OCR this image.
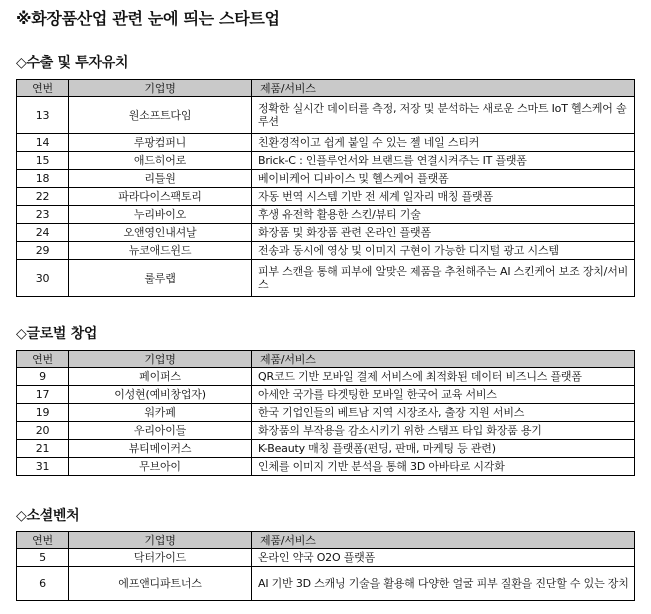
※화장품산업 관련 눈에 띄는 스타트업
◇수출 및 투자유치
연번	기업명	제품/서비스
13	원소프트다임	정확한 실시간 데이터를 측정, 저장 및 분석하는 새로운 스마트 IoT 헬스케어 솔루션
14	루팡컴퍼니	친환경적이고 쉽게 붙일 수 있는 젤 네일 스티커
15	애드히어로	Brick-C : 인플루언서와 브랜드를 연결시켜주는 IT 플랫폼
18	리틀원	베이비케어 디바이스 및 헬스케어 플랫폼
22	파라다이스팩토리	자동 번역 시스템 기반 전 세계 일자리 매칭 플랫폼
23	누리바이오	후생 유전학 활용한 스킨/뷰티 기술
24	오앤영인내셔날	화장품 및 화장품 관련 온라인 플랫폼
29	뉴코애드윈드	전송과 동시에 영상 및 이미지 구현이 가능한 디지털 광고 시스템
30	룰루랩	피부 스캔을 통해 피부에 알맞은 제품을 추천해주는 AI 스킨케어 보조 장치/서비스
◇글로벌 창업
연번	기업명	제품/서비스
9	페이퍼스	QR코드 기반 모바일 결제 서비스에 최적화된 데이터 비즈니스 플랫폼
17	이성현(예비창업자)	아세안 국가를 타겟팅한 모바일 한국어 교육 서비스
19	워카페	한국 기업인들의 베트남 지역 시장조사, 출장 지원 서비스
20	우리아이들	화장품의 부작용을 감소시키기 위한 스탬프 타입 화장품 용기
21	뷰티메이커스	K-Beauty 매칭 플랫폼(펀딩, 판매, 마케팅 등 관련)
31	무브아이	인체를 이미지 기반 분석을 통해 3D 아바타로 시각화
◇소셜벤처
연번	기업명	제품/서비스
5	닥터가이드	온라인 약국 O2O 플랫폼
6	에프앤디파트너스	AI 기반 3D 스캐닝 기술을 활용해 다양한 얼굴 피부 질환을 진단할 수 있는 장치
